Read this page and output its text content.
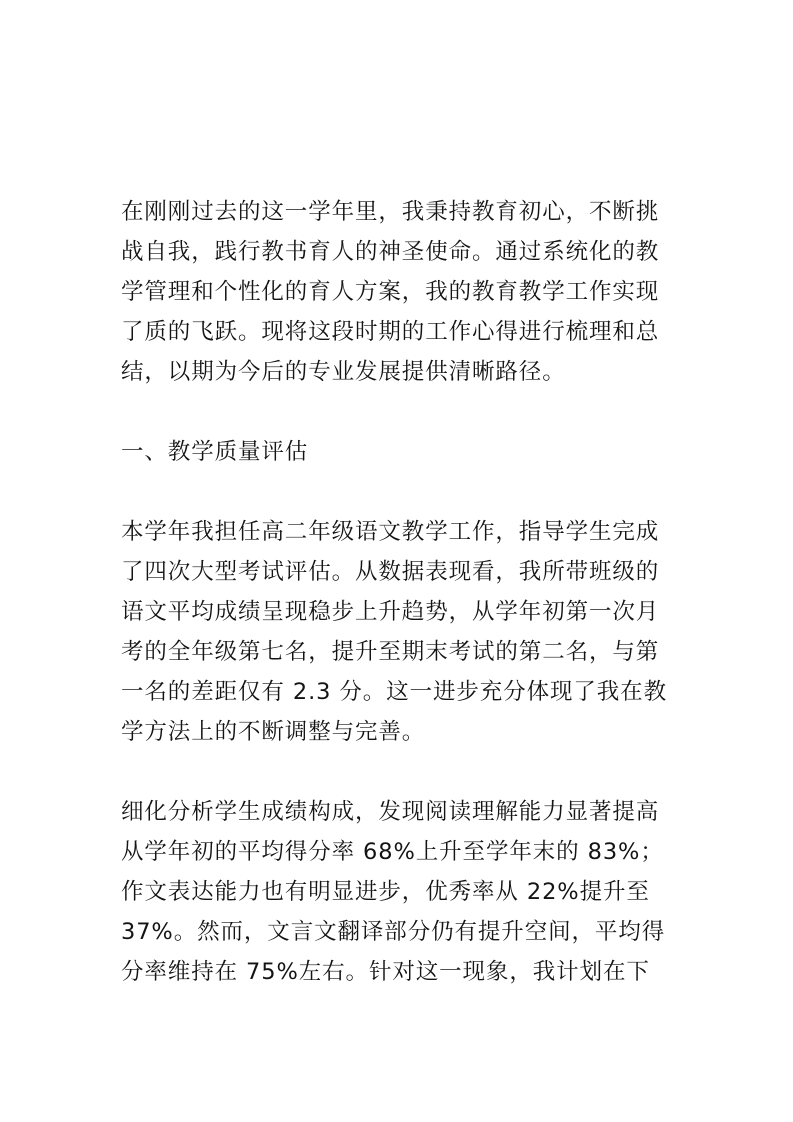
在刚刚过去的这一学年里，我秉持教育初心，不断挑
战自我，践行教书育人的神圣使命。通过系统化的教
学管理和个性化的育人方案，我的教育教学工作实现
了质的飞跃。现将这段时期的工作心得进行梳理和总
结，以期为今后的专业发展提供清晰路径。
一、教学质量评估
本学年我担任高二年级语文教学工作，指导学生完成
了四次大型考试评估。从数据表现看，我所带班级的
语文平均成绩呈现稳步上升趋势，从学年初第一次月
考的全年级第七名，提升至期末考试的第二名，与第
一名的差距仅有 2.3 分。这一进步充分体现了我在教
学方法上的不断调整与完善。
细化分析学生成绩构成，发现阅读理解能力显著提高
从学年初的平均得分率 68%上升至学年末的 83%；
作文表达能力也有明显进步，优秀率从 22%提升至
37%。然而，文言文翻译部分仍有提升空间，平均得
分率维持在 75%左右。针对这一现象，我计划在下
